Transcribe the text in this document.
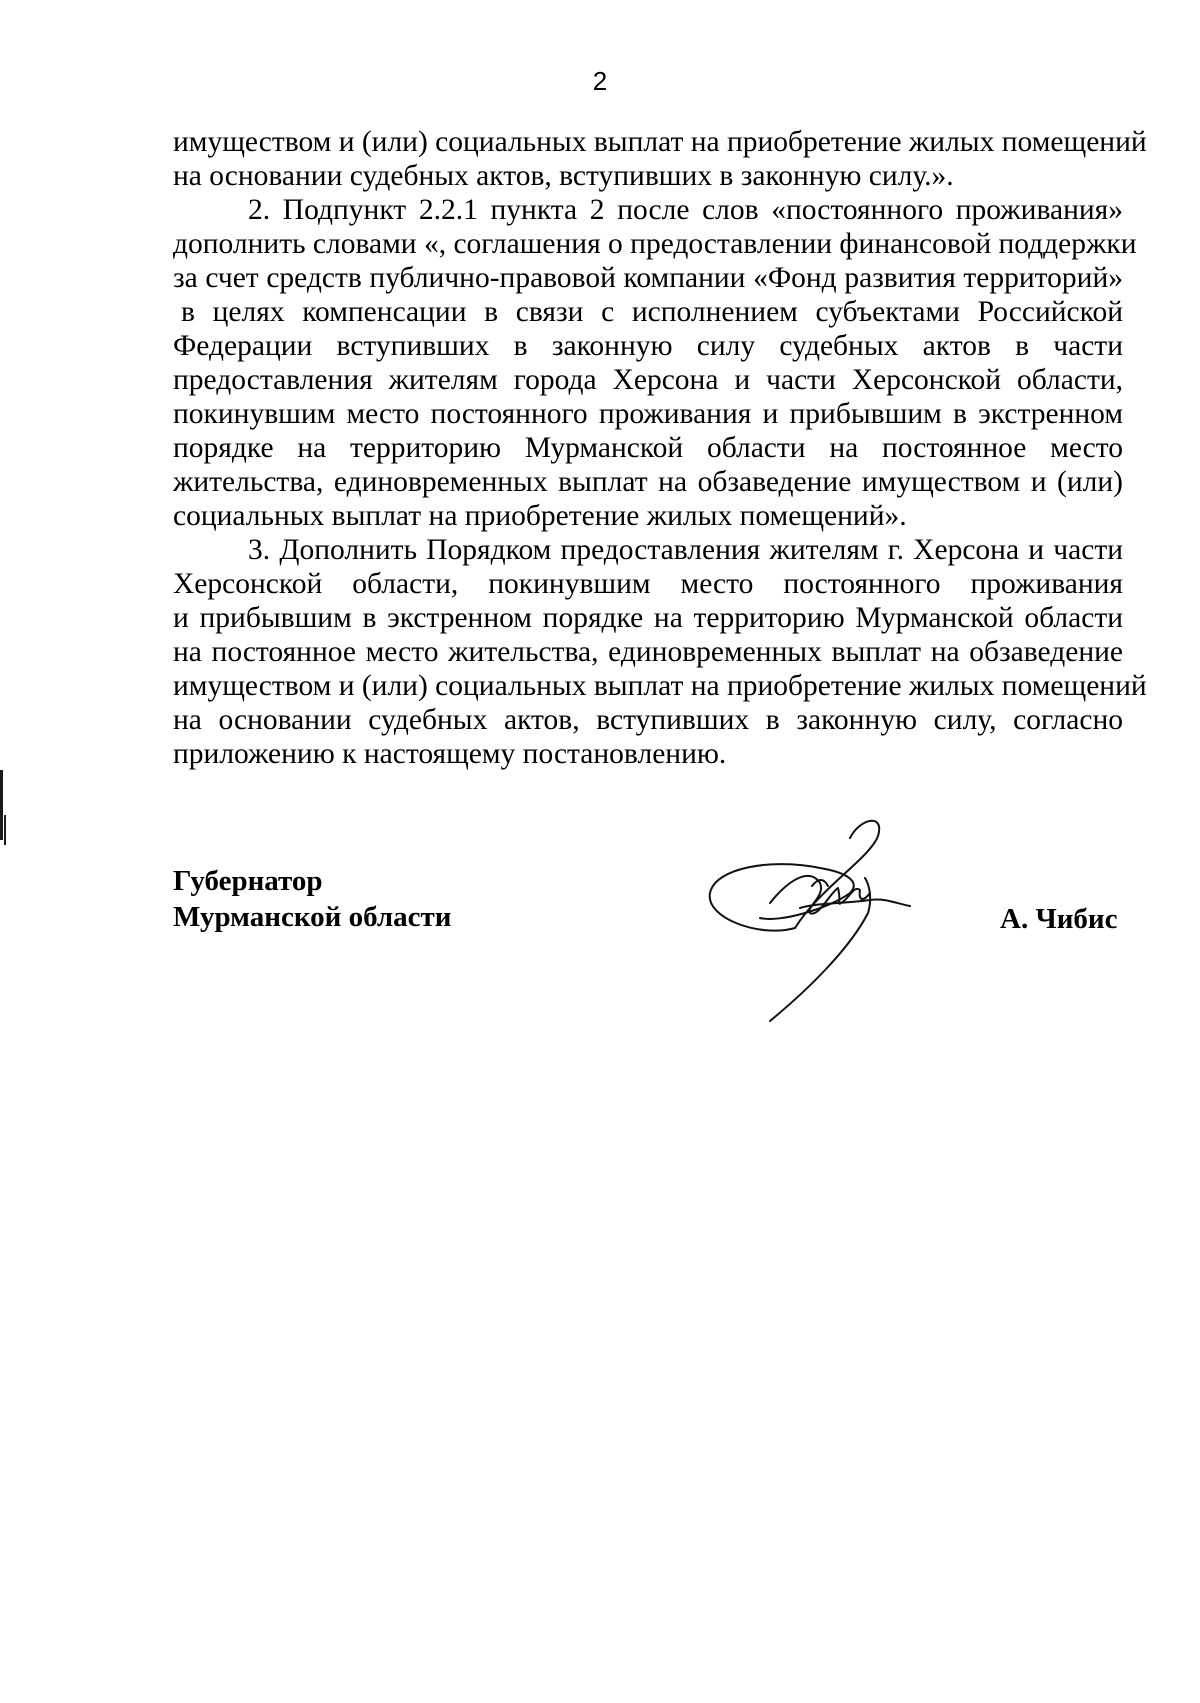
2
имуществом и (или) социальных выплат на приобретение жилых помещений
на основании судебных актов, вступивших в законную силу.».
2. Подпункт 2.2.1 пункта 2 после слов «постоянного проживания»
дополнить словами «, соглашения о предоставлении финансовой поддержки
за счет средств публично-правовой компании «Фонд развития территорий»
в целях компенсации в связи с исполнением субъектами Российской
Федерации вступивших в законную силу судебных актов в части
предоставления жителям города Херсона и части Херсонской области,
покинувшим место постоянного проживания и прибывшим в экстренном
порядке на территорию Мурманской области на постоянное место
жительства, единовременных выплат на обзаведение имуществом и (или)
социальных выплат на приобретение жилых помещений».
3. Дополнить Порядком предоставления жителям г. Херсона и части
Херсонской области, покинувшим место постоянного проживания
и прибывшим в экстренном порядке на территорию Мурманской области
на постоянное место жительства, единовременных выплат на обзаведение
имуществом и (или) социальных выплат на приобретение жилых помещений
на основании судебных актов, вступивших в законную силу, согласно
приложению к настоящему постановлению.
Губернатор
Мурманской области	А. Чибис
